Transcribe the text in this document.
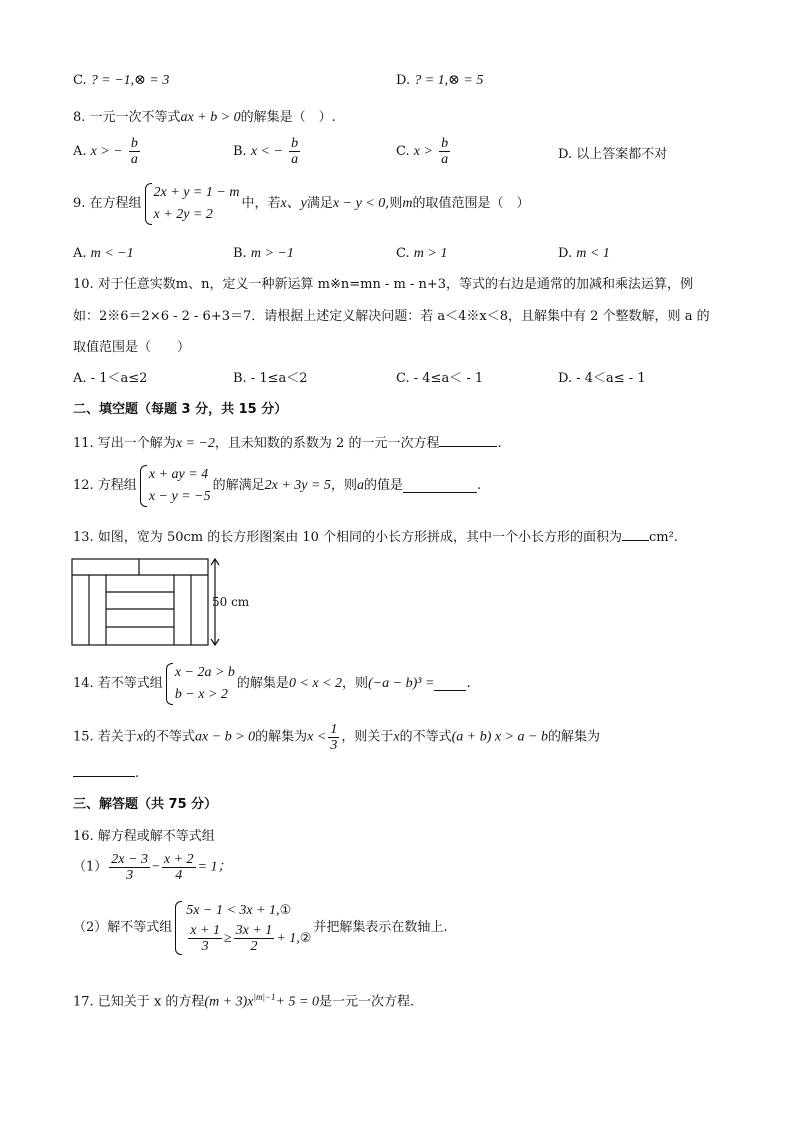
C. ? = −1,⊗ = 3	D. ? = 1,⊗ = 5
8. 一元一次不等式ax + b > 0的解集是（　）.
A. x > − $\frac{b}{a}$	B. x < − $\frac{b}{a}$	C. $x > \frac{b}{a}$	D. 以上答案都不对
9. 在方程组
2x + y = 1 − m
x + 2y = 2
中，若x、y满足x − y < 0,则m的取值范围是（　）
A. m < −1	B. m > −1	C. m > 1	D. m < 1
10. 对于任意实数m、n，定义一种新运算 m※n=mn - m - n+3，等式的右边是通常的加减和乘法运算，例
如：2※6＝2×6 - 2 - 6+3＝7．请根据上述定义解决问题：若 a＜4※x＜8，且解集中有 2 个整数解，则 a 的
取值范围是（　　）
A. - 1＜a≤2	B. - 1≤a＜2	C. - 4≤a＜ - 1	D. - 4＜a≤ - 1
二、填空题（每题 3 分，共 15 分）
11. 写出一个解为x = −2，且未知数的系数为 2 的一元一次方程	.
12. 方程组
x + ay = 4
x − y = −5
的解满足2x + 3y = 5，则a的值是	.
13. 如图，宽为 50cm 的长方形图案由 10 个相同的小长方形拼成，其中一个小长方形的面积为 cm².
50 cm
14. 若不等式组
x − 2a > b
b − x > 2
的解集是0 < x < 2，则(−a − b)³ = .
15. 若关于x的不等式ax − b > 0的解集为$x < \frac{1}{3}$ ，则关于x的不等式(a + b) x > a − b的解集为
.
三、解答题（共 75 分）
16. 解方程或解不等式组
$(1) \frac{2x - 3}{3} - \frac{x + 2}{4} = 1$；
（2）解不等式组
5x − 1 < 3x + 1,①
$\frac{x + 1}{3} \ge \frac{3x + 1}{2}$ + 1,②
并把解集表示在数轴上.
17. 已知关于 x 的方程$(m + 3)x^{|m|-1}+ 5 = 0$是一元一次方程.
